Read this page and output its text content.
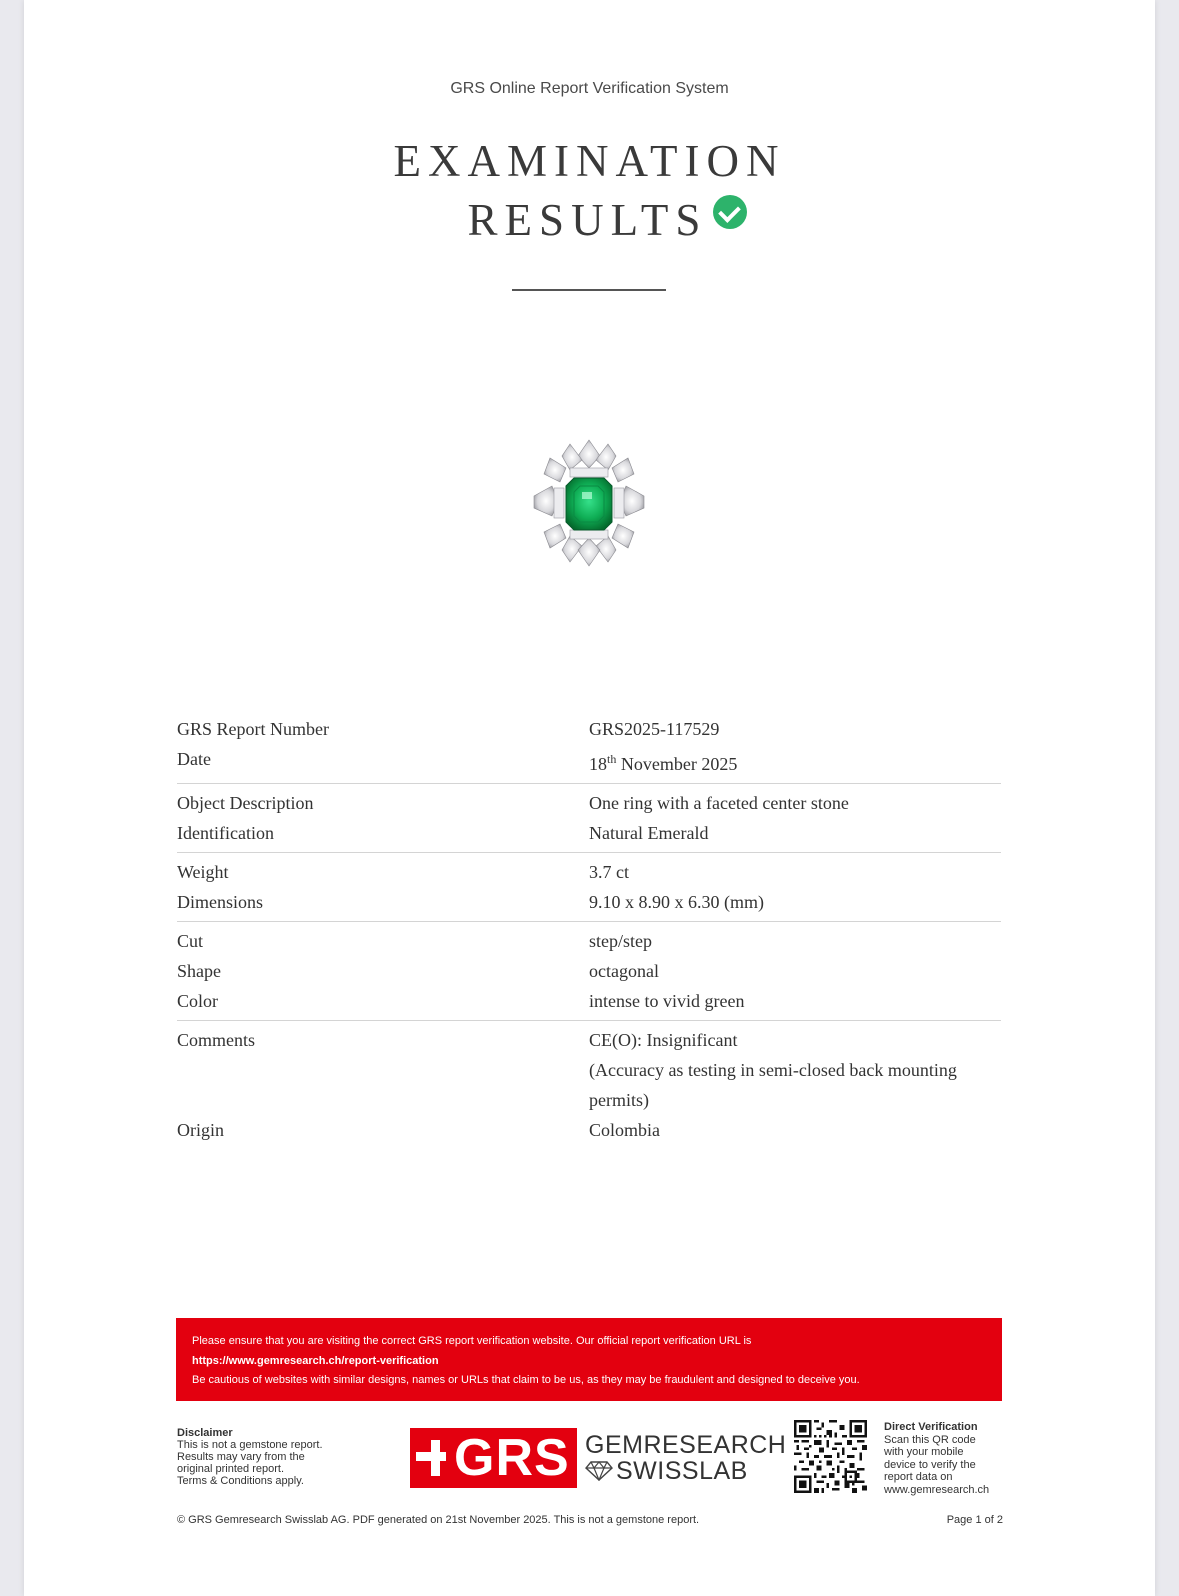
GRS Online Report Verification System
EXAMINATION
RESULTS
GRS Report Number	GRS2025-117529
Date	18th November 2025
Object Description	One ring with a faceted center stone
Identification	Natural Emerald
Weight	3.7 ct
Dimensions	9.10 x 8.90 x 6.30 (mm)
Cut	step/step
Shape	octagonal
Color	intense to vivid green
Comments	CE(O): Insignificant
(Accuracy as testing in semi-closed back mounting
permits)
Origin	Colombia
Please ensure that you are visiting the correct GRS report verification website. Our official report verification URL is
https://www.gemresearch.ch/report-verification
Be cautious of websites with similar designs, names or URLs that claim to be us, as they may be fraudulent and designed to deceive you.
Disclaimer
This is not a gemstone report.
Results may vary from the
original printed report.
Terms & Conditions apply.	GRS GEMRESEARCH
SWISSLAB
Direct Verification
Scan this QR code
with your mobile
device to verify the
report data on
www.gemresearch.ch
© GRS Gemresearch Swisslab AG. PDF generated on 21st November 2025. This is not a gemstone report.	Page 1 of 2
